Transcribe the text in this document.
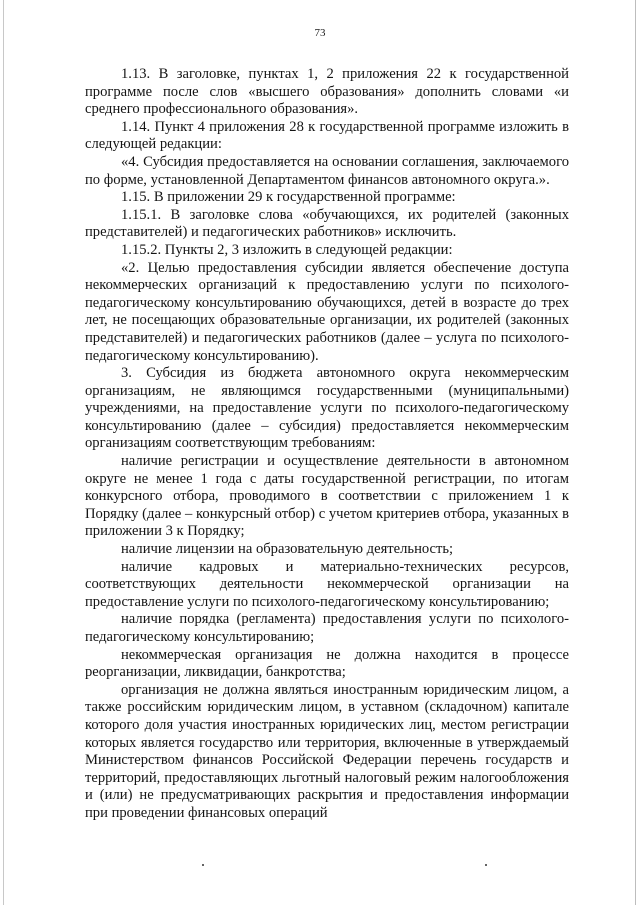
73

1.13. В заголовке, пунктах 1, 2 приложения 22 к государственной программе после слов «высшего образования» дополнить словами «и среднего профессионального образования».

1.14. Пункт 4 приложения 28 к государственной программе изложить в следующей редакции:

«4. Субсидия предоставляется на основании соглашения, заключаемого по форме, установленной Департаментом финансов автономного округа.».

1.15. В приложении 29 к государственной программе:

1.15.1. В заголовке слова «обучающихся, их родителей (законных представителей) и педагогических работников» исключить.

1.15.2. Пункты 2, 3 изложить в следующей редакции:

«2. Целью предоставления субсидии является обеспечение доступа некоммерческих организаций к предоставлению услуги по психолого-педагогическому консультированию обучающихся, детей в возрасте до трех лет, не посещающих образовательные организации, их родителей (законных представителей) и педагогических работников (далее – услуга по психолого-педагогическому консультированию).

3. Субсидия из бюджета автономного округа некоммерческим организациям, не являющимся государственными (муниципальными) учреждениями, на предоставление услуги по психолого-педагогическому консультированию (далее – субсидия) предоставляется некоммерческим организациям соответствующим требованиям:

наличие регистрации и осуществление деятельности в автономном округе не менее 1 года с даты государственной регистрации, по итогам конкурсного отбора, проводимого в соответствии с приложением 1 к Порядку (далее – конкурсный отбор) с учетом критериев отбора, указанных в приложении 3 к Порядку;

наличие лицензии на образовательную деятельность;

наличие кадровых и материально-технических ресурсов, соответствующих деятельности некоммерческой организации на предоставление услуги по психолого-педагогическому консультированию;

наличие порядка (регламента) предоставления услуги по психолого-педагогическому консультированию;

некоммерческая организация не должна находится в процессе реорганизации, ликвидации, банкротства;

организация не должна являться иностранным юридическим лицом, а также российским юридическим лицом, в уставном (складочном) капитале которого доля участия иностранных юридических лиц, местом регистрации которых является государство или территория, включенные в утверждаемый Министерством финансов Российской Федерации перечень государств и территорий, предоставляющих льготный налоговый режим налогообложения и (или) не предусматривающих раскрытия и предоставления информации при проведении финансовых операций
